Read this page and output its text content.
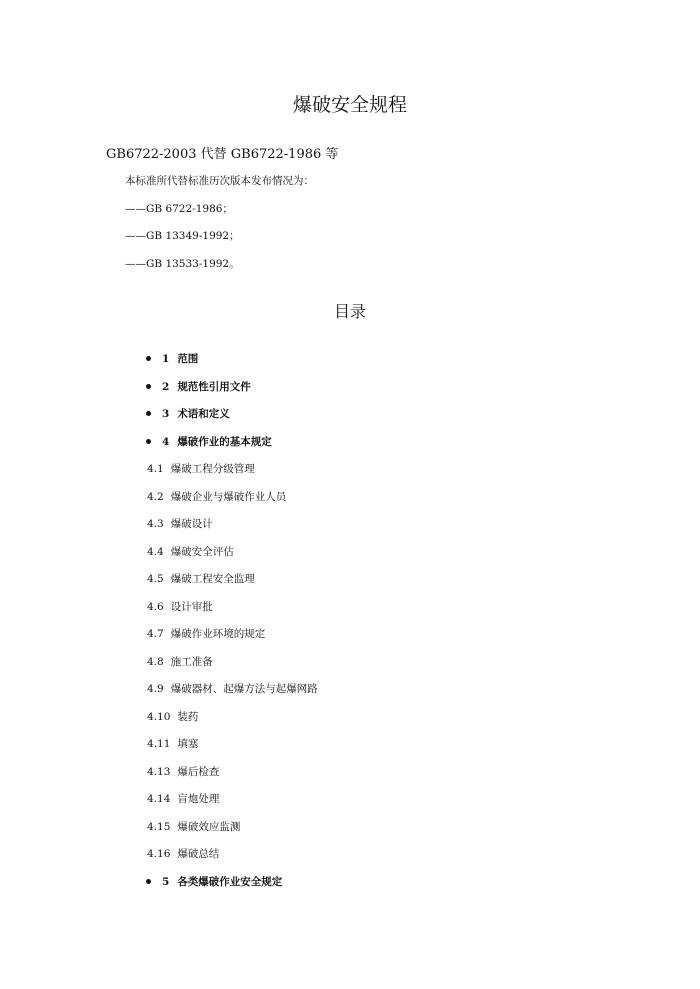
爆破安全规程
GB6722-2003 代替 GB6722-1986 等
本标准所代替标准历次版本发布情况为：
——GB 6722-1986；
——GB 13349-1992；
——GB 13533-1992。
目录
1 范围
2 规范性引用文件
3 术语和定义
4 爆破作业的基本规定
4.1 爆破工程分级管理
4.2 爆破企业与爆破作业人员
4.3 爆破设计
4.4 爆破安全评估
4.5 爆破工程安全监理
4.6 设计审批
4.7 爆破作业环境的规定
4.8 施工准备
4.9 爆破器材、起爆方法与起爆网路
4.10 装药
4.11 填塞
4.13 爆后检查
4.14 盲炮处理
4.15 爆破效应监测
4.16 爆破总结
5 各类爆破作业安全规定
